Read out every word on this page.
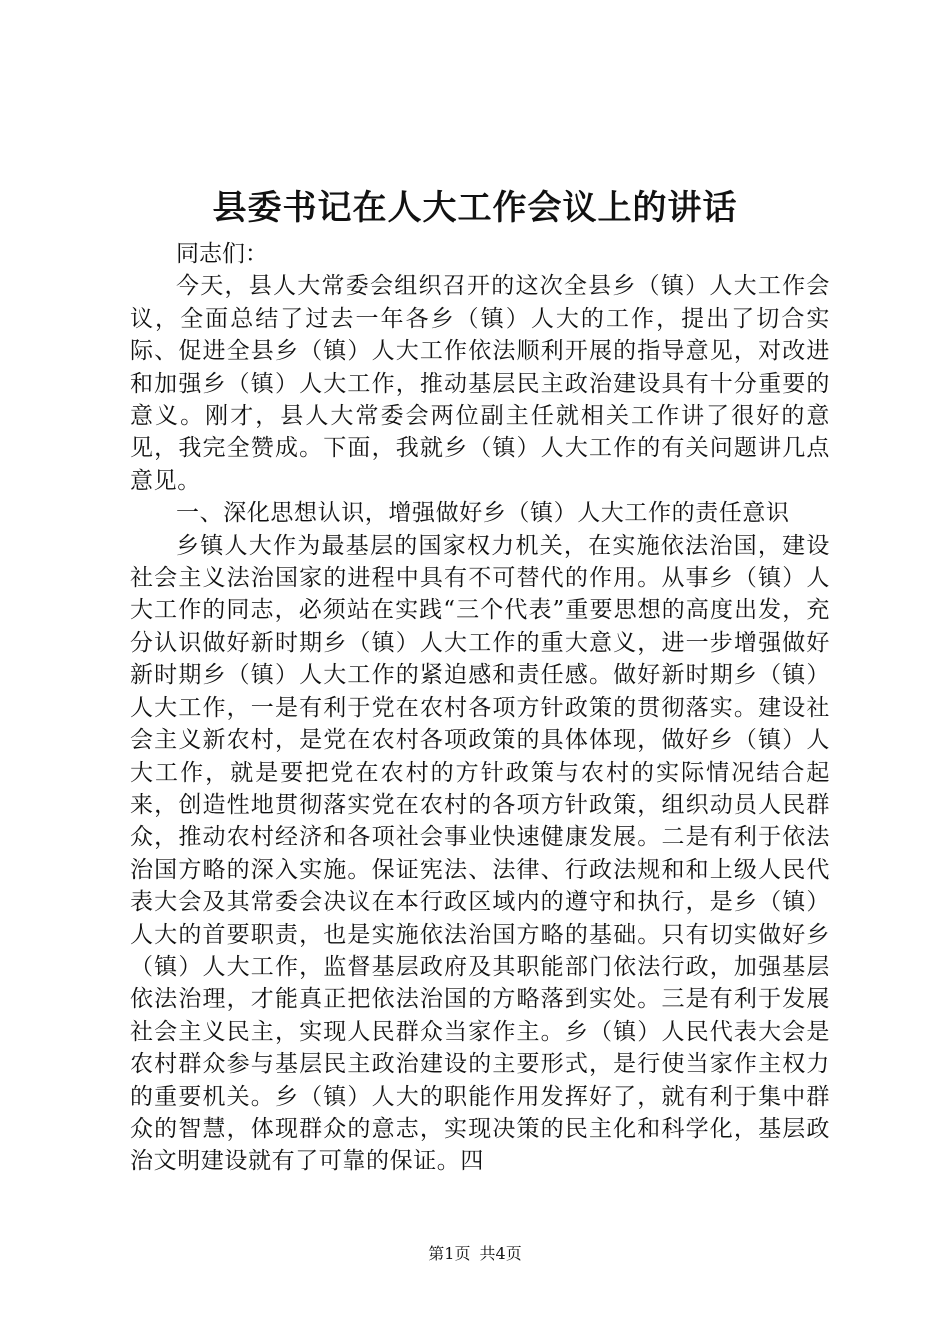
县委书记在人大工作会议上的讲话

同志们：

今天，县人大常委会组织召开的这次全县乡（镇）人大工作会议，全面总结了过去一年各乡（镇）人大的工作，提出了切合实际、促进全县乡（镇）人大工作依法顺利开展的指导意见，对改进和加强乡（镇）人大工作，推动基层民主政治建设具有十分重要的意义。刚才，县人大常委会两位副主任就相关工作讲了很好的意见，我完全赞成。下面，我就乡（镇）人大工作的有关问题讲几点意见。

一、深化思想认识，增强做好乡（镇）人大工作的责任意识

乡镇人大作为最基层的国家权力机关，在实施依法治国，建设社会主义法治国家的进程中具有不可替代的作用。从事乡（镇）人大工作的同志，必须站在实践“三个代表”重要思想的高度出发，充分认识做好新时期乡（镇）人大工作的重大意义，进一步增强做好新时期乡（镇）人大工作的紧迫感和责任感。做好新时期乡（镇）人大工作，一是有利于党在农村各项方针政策的贯彻落实。建设社会主义新农村，是党在农村各项政策的具体体现，做好乡（镇）人大工作，就是要把党在农村的方针政策与农村的实际情况结合起来，创造性地贯彻落实党在农村的各项方针政策，组织动员人民群众，推动农村经济和各项社会事业快速健康发展。二是有利于依法治国方略的深入实施。保证宪法、法律、行政法规和和上级人民代表大会及其常委会决议在本行政区域内的遵守和执行，是乡（镇）人大的首要职责，也是实施依法治国方略的基础。只有切实做好乡（镇）人大工作，监督基层政府及其职能部门依法行政，加强基层依法治理，才能真正把依法治国的方略落到实处。三是有利于发展社会主义民主，实现人民群众当家作主。乡（镇）人民代表大会是农村群众参与基层民主政治建设的主要形式，是行使当家作主权力的重要机关。乡（镇）人大的职能作用发挥好了，就有利于集中群众的智慧，体现群众的意志，实现决策的民主化和科学化，基层政治文明建设就有了可靠的保证。四

第1页 共4页
